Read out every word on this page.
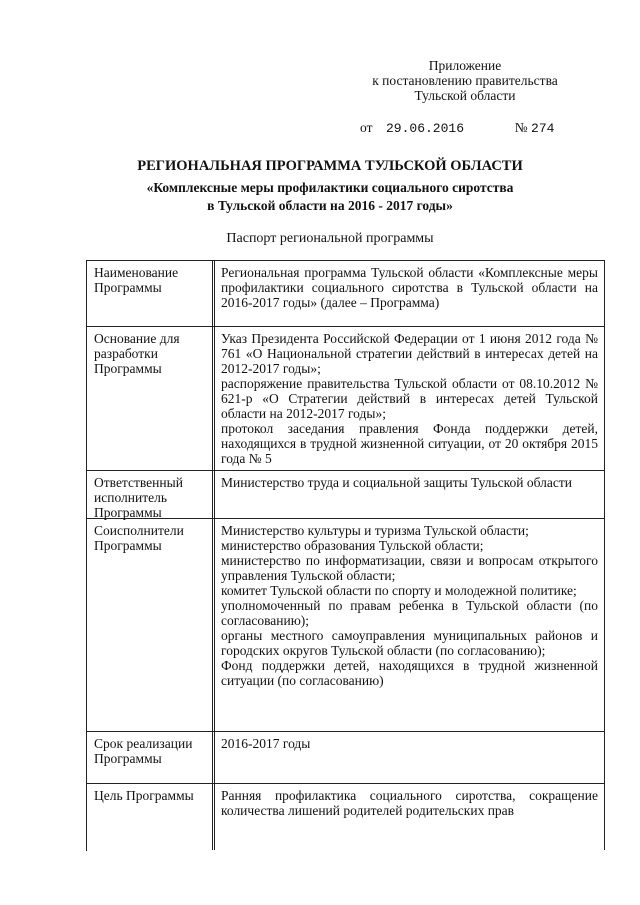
Приложение
к постановлению правительства
Тульской области
от 29.06.2016	№ 274
РЕГИОНАЛЬНАЯ ПРОГРАММА ТУЛЬСКОЙ ОБЛАСТИ
«Комплексные меры профилактики социального сиротства
в Тульской области на 2016 - 2017 годы»
Паспорт региональной программы
Наименование
Программы
Региональная программа Тульской области «Комплексные меры профилактики социального сиротства в Тульской области на 2016-2017 годы» (далее – Программа)
Основание для
разработки
Программы
Указ Президента Российской Федерации от 1 июня 2012 года № 761 «О Национальной стратегии действий в интересах детей на 2012-2017 годы»;
распоряжение правительства Тульской области от 08.10.2012 № 621-р «О Стратегии действий в интересах детей Тульской области на 2012-2017 годы»;
протокол заседания правления Фонда поддержки детей, находящихся в трудной жизненной ситуации, от 20 октября 2015 года № 5
Ответственный
исполнитель
Программы
Министерство труда и социальной защиты Тульской области
Соисполнители
Программы
Министерство культуры и туризма Тульской области;
министерство образования Тульской области;
министерство по информатизации, связи и вопросам открытого управления Тульской области;
комитет Тульской области по спорту и молодежной политике;
уполномоченный по правам ребенка в Тульской области (по согласованию);
органы местного самоуправления муниципальных районов и городских округов Тульской области (по согласованию);
Фонд поддержки детей, находящихся в трудной жизненной ситуации (по согласованию)
Срок реализации
Программы
2016-2017 годы
Цель Программы	Ранняя профилактика социального сиротства, сокращение количества лишений родителей родительских прав
